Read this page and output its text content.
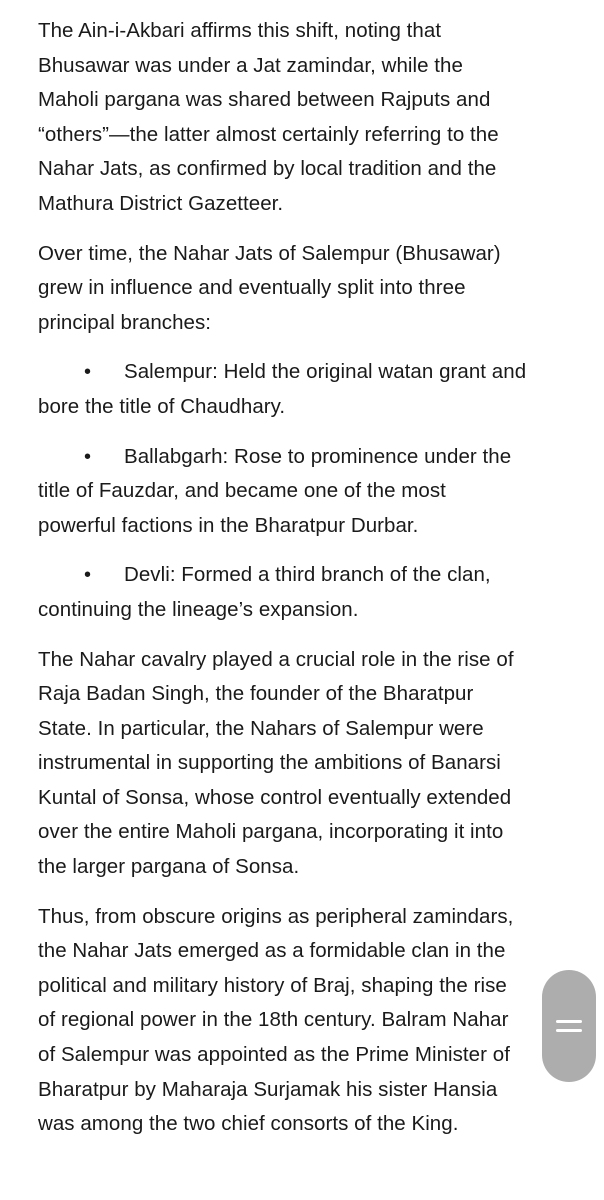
The Ain-i-Akbari affirms this shift, noting that
Bhusawar was under a Jat zamindar, while the
Maholi pargana was shared between Rajputs and
“others”—the latter almost certainly referring to the
Nahar Jats, as confirmed by local tradition and the
Mathura District Gazetteer.
Over time, the Nahar Jats of Salempur (Bhusawar)
grew in influence and eventually split into three
principal branches:
• Salempur: Held the original watan grant and
bore the title of Chaudhary.
• Ballabgarh: Rose to prominence under the
title of Fauzdar, and became one of the most
powerful factions in the Bharatpur Durbar.
• Devli: Formed a third branch of the clan,
continuing the lineage’s expansion.
The Nahar cavalry played a crucial role in the rise of
Raja Badan Singh, the founder of the Bharatpur
State. In particular, the Nahars of Salempur were
instrumental in supporting the ambitions of Banarsi
Kuntal of Sonsa, whose control eventually extended
over the entire Maholi pargana, incorporating it into
the larger pargana of Sonsa.
Thus, from obscure origins as peripheral zamindars,
the Nahar Jats emerged as a formidable clan in the
political and military history of Braj, shaping the rise
of regional power in the 18th century. Balram Nahar
of Salempur was appointed as the Prime Minister of
Bharatpur by Maharaja Surjamak his sister Hansia
was among the two chief consorts of the King.
